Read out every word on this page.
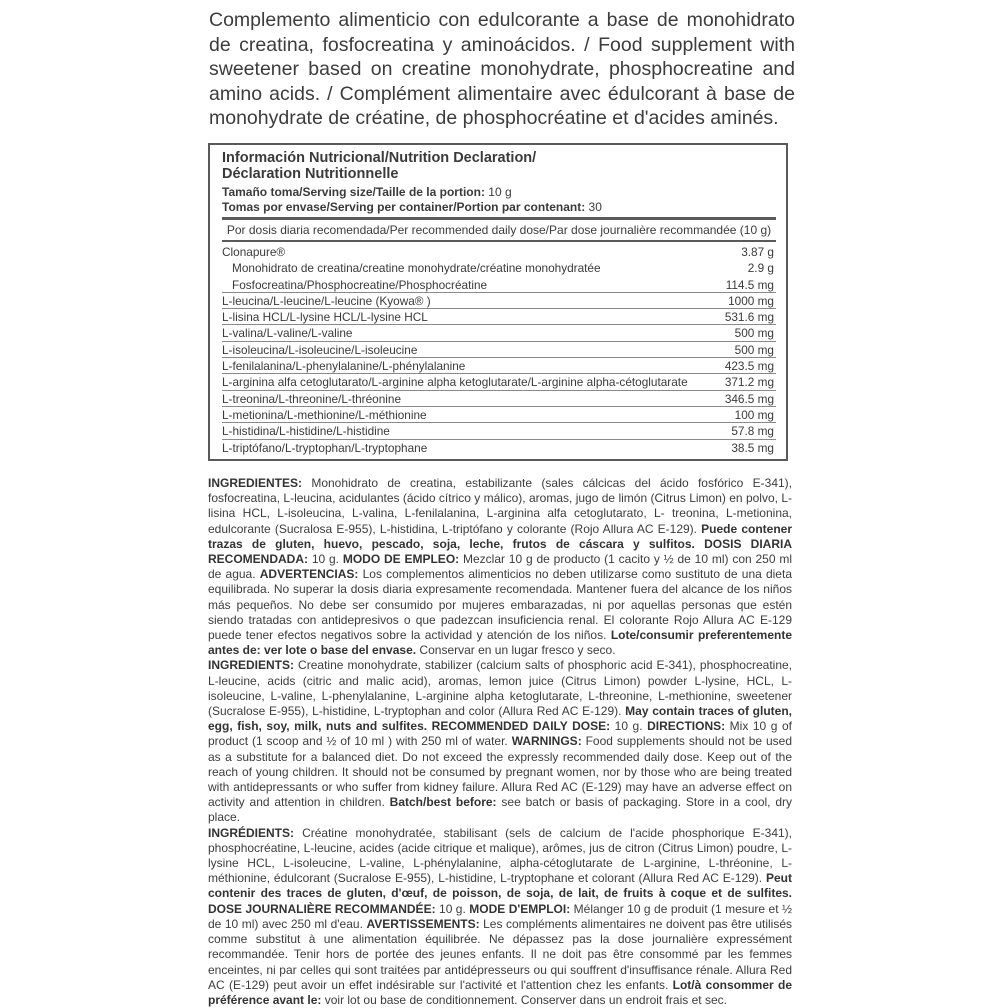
Complemento alimenticio con edulcorante a base de monohidrato de creatina, fosfocreatina y aminoácidos. / Food supplement with sweetener based on creatine monohydrate, phosphocreatine and amino acids. / Complément alimentaire avec édulcorant à base de monohydrate de créatine, de phosphocréatine et d'acides aminés.
Información Nutricional/Nutrition Declaration/
Déclaration Nutritionnelle
Tamaño toma/Serving size/Taille de la portion: 10 g
Tomas por envase/Serving per container/Portion par contenant: 30
Por dosis diaria recomendada/Per recommended daily dose/Par dose journalière recommandée (10 g)
Clonapure®	3.87 g
Monohidrato de creatina/creatine monohydrate/créatine monohydratée	2.9 g
Fosfocreatina/Phosphocreatine/Phosphocréatine	114.5 mg
L-leucina/L-leucine/L-leucine (Kyowa® )	1000 mg
L-lisina HCL/L-lysine HCL/L-lysine HCL	531.6 mg
L-valina/L-valine/L-valine	500 mg
L-isoleucina/L-isoleucine/L-isoleucine	500 mg
L-fenilalanina/L-phenylalanine/L-phénylalanine	423.5 mg
L-arginina alfa cetoglutarato/L-arginine alpha ketoglutarate/L-arginine alpha-cétoglutarate	371.2 mg
L-treonina/L-threonine/L-thréonine	346.5 mg
L-metionina/L-methionine/L-méthionine	100 mg
L-histidina/L-histidine/L-histidine	57.8 mg
L-triptófano/L-tryptophan/L-tryptophane	38.5 mg

INGREDIENTES: Monohidrato de creatina, estabilizante (sales cálcicas del ácido fosfórico E-341), fosfocreatina, L-leucina, acidulantes (ácido cítrico y málico), aromas, jugo de limón (Citrus Limon) en polvo, L-lisina HCL, L-isoleucina, L-valina, L-fenilalanina, L-arginina alfa cetoglutarato, L- treonina, L-metionina, edulcorante (Sucralosa E-955), L-histidina, L-triptófano y colorante (Rojo Allura AC E-129). Puede contener trazas de gluten, huevo, pescado, soja, leche, frutos de cáscara y sulfitos. DOSIS DIARIA RECOMENDADA: 10 g. MODO DE EMPLEO: Mezclar 10 g de producto (1 cacito y ½ de 10 ml) con 250 ml de agua. ADVERTENCIAS: Los complementos alimenticios no deben utilizarse como sustituto de una dieta equilibrada. No superar la dosis diaria expresamente recomendada. Mantener fuera del alcance de los niños más pequeños. No debe ser consumido por mujeres embarazadas, ni por aquellas personas que estén siendo tratadas con antidepresivos o que padezcan insuficiencia renal. El colorante Rojo Allura AC E-129 puede tener efectos negativos sobre la actividad y atención de los niños. Lote/consumir preferentemente antes de: ver lote o base del envase. Conservar en un lugar fresco y seco.

INGREDIENTS: Creatine monohydrate, stabilizer (calcium salts of phosphoric acid E-341), phosphocreatine, L-leucine, acids (citric and malic acid), aromas, lemon juice (Citrus Limon) powder L-lysine, HCL, L-isoleucine, L-valine, L-phenylalanine, L-arginine alpha ketoglutarate, L-threonine, L-methionine, sweetener (Sucralose E-955), L-histidine, L-tryptophan and color (Allura Red AC E-129). May contain traces of gluten, egg, fish, soy, milk, nuts and sulfites. RECOMMENDED DAILY DOSE: 10 g. DIRECTIONS: Mix 10 g of product (1 scoop and ½ of 10 ml ) with 250 ml of water. WARNINGS: Food supplements should not be used as a substitute for a balanced diet. Do not exceed the expressly recommended daily dose. Keep out of the reach of young children. It should not be consumed by pregnant women, nor by those who are being treated with antidepressants or who suffer from kidney failure. Allura Red AC (E-129) may have an adverse effect on activity and attention in children. Batch/best before: see batch or basis of packaging. Store in a cool, dry place.

INGRÉDIENTS: Créatine monohydratée, stabilisant (sels de calcium de l'acide phosphorique E-341), phosphocréatine, L-leucine, acides (acide citrique et malique), arômes, jus de citron (Citrus Limon) poudre, L-lysine HCL, L-isoleucine, L-valine, L-phénylalanine, alpha-cétoglutarate de L-arginine, L-thréonine, L-méthionine, édulcorant (Sucralose E-955), L-histidine, L-tryptophane et colorant (Allura Red AC E-129). Peut contenir des traces de gluten, d'œuf, de poisson, de soja, de lait, de fruits à coque et de sulfites. DOSE JOURNALIÈRE RECOMMANDÉE: 10 g. MODE D'EMPLOI: Mélanger 10 g de produit (1 mesure et ½ de 10 ml) avec 250 ml d'eau. AVERTISSEMENTS: Les compléments alimentaires ne doivent pas être utilisés comme substitut à une alimentation équilibrée. Ne dépassez pas la dose journalière expressément recommandée. Tenir hors de portée des jeunes enfants. Il ne doit pas être consommé par les femmes enceintes, ni par celles qui sont traitées par antidépresseurs ou qui souffrent d'insuffisance rénale. Allura Red AC (E-129) peut avoir un effet indésirable sur l'activité et l'attention chez les enfants. Lot/à consommer de préférence avant le: voir lot ou base de conditionnement. Conserver dans un endroit frais et sec.
